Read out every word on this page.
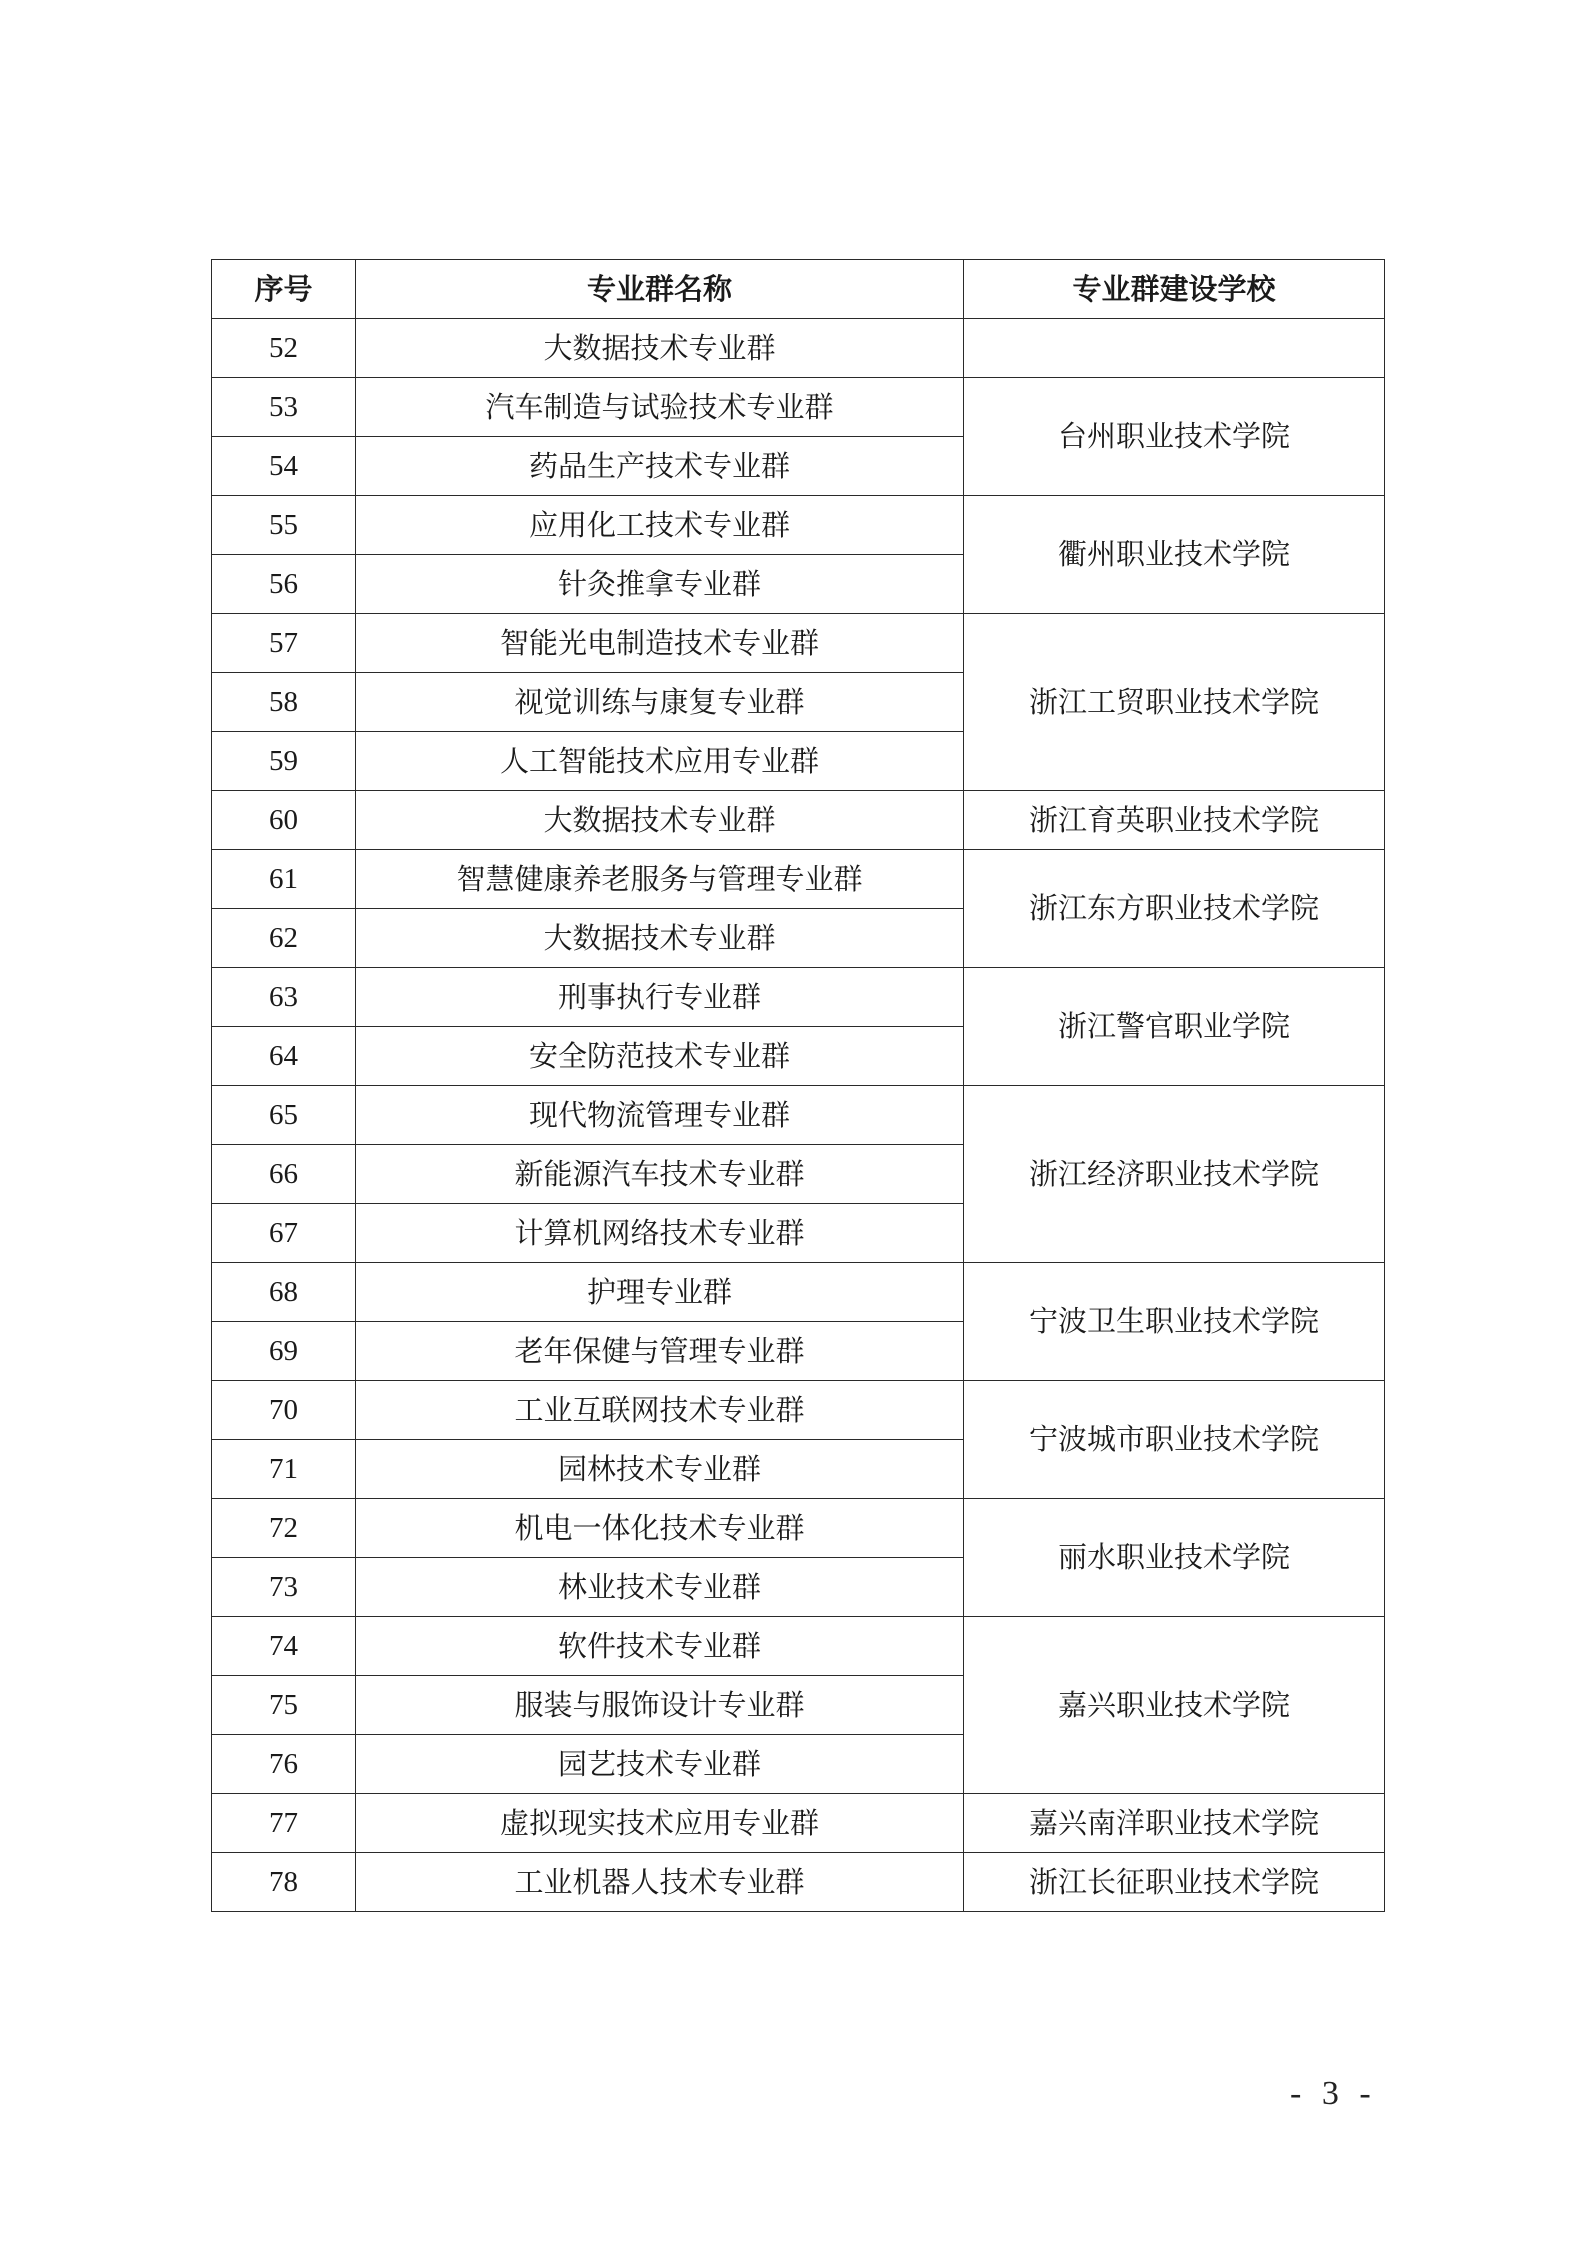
序号	专业群名称	专业群建设学校
52	大数据技术专业群	
53	汽车制造与试验技术专业群	台州职业技术学院
54	药品生产技术专业群	
55	应用化工技术专业群	衢州职业技术学院
56	针灸推拿专业群	
57	智能光电制造技术专业群	浙江工贸职业技术学院
58	视觉训练与康复专业群	
59	人工智能技术应用专业群	
60	大数据技术专业群	浙江育英职业技术学院
61	智慧健康养老服务与管理专业群	浙江东方职业技术学院
62	大数据技术专业群	
63	刑事执行专业群	浙江警官职业学院
64	安全防范技术专业群	
65	现代物流管理专业群	浙江经济职业技术学院
66	新能源汽车技术专业群	
67	计算机网络技术专业群	
68	护理专业群	宁波卫生职业技术学院
69	老年保健与管理专业群	
70	工业互联网技术专业群	宁波城市职业技术学院
71	园林技术专业群	
72	机电一体化技术专业群	丽水职业技术学院
73	林业技术专业群	
74	软件技术专业群	嘉兴职业技术学院
75	服装与服饰设计专业群	
76	园艺技术专业群	
77	虚拟现实技术应用专业群	嘉兴南洋职业技术学院
78	工业机器人技术专业群	浙江长征职业技术学院
- 3 -
